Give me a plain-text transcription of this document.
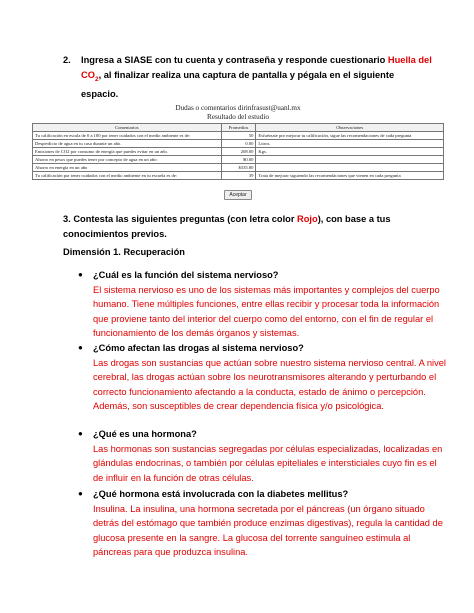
2. Ingresa a SIASE con tu cuenta y contraseña y responde cuestionario Huella del $CO_2$, al finalizar realiza una captura de pantalla y pégala en el siguiente espacio.
Dudas o comentarios dirinfrasust@uanl.mx
Resultado del estudio
Comentarios	Promedios	Observaciones
Tu calificación en escala de 0 a 100 por tener cuidados con el medio ambiente es de:	50	Esfuérzate por mejorar tu calificación, sigue las recomendaciones de cada pregunta
Desperdicio de agua en tu casa durante un año.	0.00	Litros.
Emisiones de CO2 por consumo de energía que puedes evitar en un año.	208.00	Kgs.
Ahorro en pesos que puedes tener por concepto de agua en un año:	$0.00	
Ahorro en energía en un año	$335.80	
Tu calificación por tener cuidados con el medio ambiente en tu escuela es de:	39	Trata de mejorar siguiendo las recomendaciones que vienen en cada pregunta
Aceptar
3. Contesta las siguientes preguntas (con letra color Rojo), con base a tus conocimientos previos.
Dimensión 1. Recuperación
● ¿Cuál es la función del sistema nervioso?
El sistema nervioso es uno de los sistemas más importantes y complejos del cuerpo humano. Tiene múltiples funciones, entre ellas recibir y procesar toda la información que proviene tanto del interior del cuerpo como del entorno, con el fin de regular el funcionamiento de los demás órganos y sistemas.
● ¿Cómo afectan las drogas al sistema nervioso?
Las drogas son sustancias que actúan sobre nuestro sistema nervioso central. A nivel cerebral, las drogas actúan sobre los neurotransmisores alterando y perturbando el correcto funcionamiento afectando a la conducta, estado de ánimo o percepción. Además, son susceptibles de crear dependencia física y/o psicológica.
● ¿Qué es una hormona?
Las hormonas son sustancias segregadas por células especializadas, localizadas en glándulas endocrinas, o también por células epiteliales e intersticiales cuyo fin es el de influir en la función de otras células.
● ¿Qué hormona está involucrada con la diabetes mellitus?
Insulina. La insulina, una hormona secretada por el páncreas (un órgano situado detrás del estómago que también produce enzimas digestivas), regula la cantidad de glucosa presente en la sangre. La glucosa del torrente sanguíneo estimula al páncreas para que produzca insulina.
